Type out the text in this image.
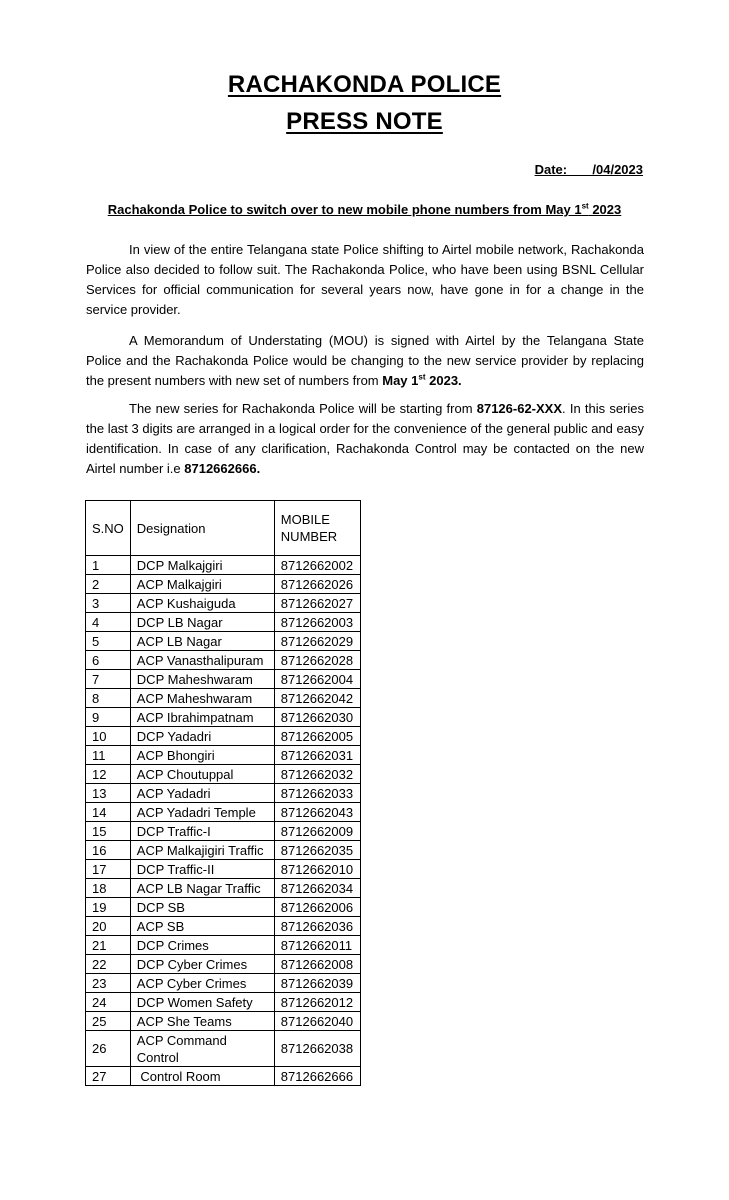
RACHAKONDA POLICE
PRESS NOTE
Date:       /04/2023
Rachakonda Police to switch over to new mobile phone numbers from May 1st 2023

In view of the entire Telangana state Police shifting to Airtel mobile network, Rachakonda Police also decided to follow suit. The Rachakonda Police, who have been using BSNL Cellular Services for official communication for several years now, have gone in for a change in the service provider.

A Memorandum of Understating (MOU) is signed with Airtel by the Telangana State Police and the Rachakonda Police would be changing to the new service provider by replacing the present numbers with new set of numbers from May 1st 2023.

The new series for Rachakonda Police will be starting from 87126-62-XXX. In this series the last 3 digits are arranged in a logical order for the convenience of the general public and easy identification. In case of any clarification, Rachakonda Control may be contacted on the new Airtel number i.e 8712662666.

S.NO	Designation	MOBILE NUMBER
1	DCP Malkajgiri	8712662002
2	ACP Malkajgiri	8712662026
3	ACP Kushaiguda	8712662027
4	DCP LB Nagar	8712662003
5	ACP LB Nagar	8712662029
6	ACP Vanasthalipuram	8712662028
7	DCP Maheshwaram	8712662004
8	ACP Maheshwaram	8712662042
9	ACP Ibrahimpatnam	8712662030
10	DCP Yadadri	8712662005
11	ACP Bhongiri	8712662031
12	ACP Choutuppal	8712662032
13	ACP Yadadri	8712662033
14	ACP Yadadri Temple	8712662043
15	DCP Traffic-I	8712662009
16	ACP Malkajigiri Traffic	8712662035
17	DCP Traffic-II	8712662010
18	ACP LB Nagar Traffic	8712662034
19	DCP SB	8712662006
20	ACP SB	8712662036
21	DCP Crimes	8712662011
22	DCP Cyber Crimes	8712662008
23	ACP Cyber Crimes	8712662039
24	DCP Women Safety	8712662012
25	ACP She Teams	8712662040
26	ACP Command Control	8712662038
27	Control Room	8712662666
